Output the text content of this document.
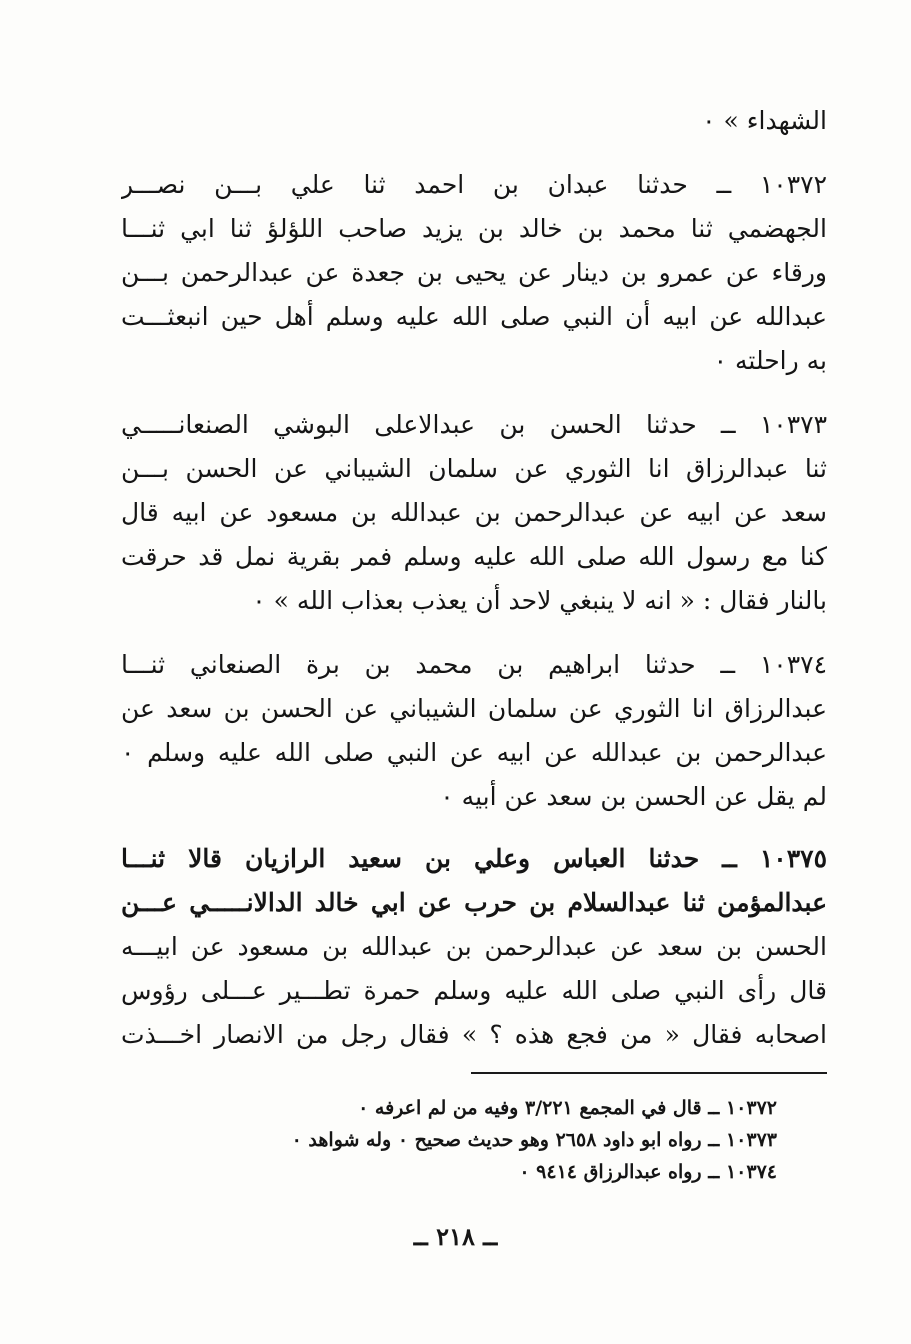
الشهداء » ٠
١٠٣٧٢ ــ حدثنا عبدان بن احمد ثنا علي بـــن نصـــر
الجهضمي ثنا محمد بن خالد بن يزيد صاحب اللؤلؤ ثنا ابي ثنـــا
ورقاء عن عمرو بن دينار عن يحيى بن جعدة عن عبدالرحمن بـــن
عبدالله عن ابيه أن النبي صلى الله عليه وسلم أهل حين انبعثـــت
به راحلته ٠
١٠٣٧٣ ــ حدثنا الحسن بن عبدالاعلى البوشي الصنعانـــــي
ثنا عبدالرزاق انا الثوري عن سلمان الشيباني عن الحسن بـــن
سعد عن ابيه عن عبدالرحمن بن عبدالله بن مسعود عن ابيه قال
كنا مع رسول الله صلى الله عليه وسلم فمر بقرية نمل قد حرقت
بالنار فقال : « انه لا ينبغي لاحد أن يعذب بعذاب الله » ٠
١٠٣٧٤ ــ حدثنا ابراهيم بن محمد بن برة الصنعاني ثنـــا
عبدالرزاق انا الثوري عن سلمان الشيباني عن الحسن بن سعد عن
عبدالرحمن بن عبدالله عن ابيه عن النبي صلى الله عليه وسلم ٠
لم يقل عن الحسن بن سعد عن أبيه ٠
١٠٣٧٥ ــ حدثنا العباس وعلي بن سعيد الرازيان قالا ثنـــا
عبدالمؤمن ثنا عبدالسلام بن حرب عن ابي خالد الدالانـــــي عـــن
الحسن بن سعد عن عبدالرحمن بن عبدالله بن مسعود عن ابيـــه
قال رأى النبي صلى الله عليه وسلم حمرة تطـــير عـــلى رؤوس
اصحابه فقال « من فجع هذه ؟ » فقال رجل من الانصار اخـــذت
١٠٣٧٢ ــ قال في المجمع ٣/٢٢١ وفيه من لم اعرفه ٠
١٠٣٧٣ ــ رواه ابو داود ٢٦٥٨ وهو حديث صحيح ٠ وله شواهد ٠
١٠٣٧٤ ــ رواه عبدالرزاق ٩٤١٤ ٠
ــ ٢١٨ ــ
